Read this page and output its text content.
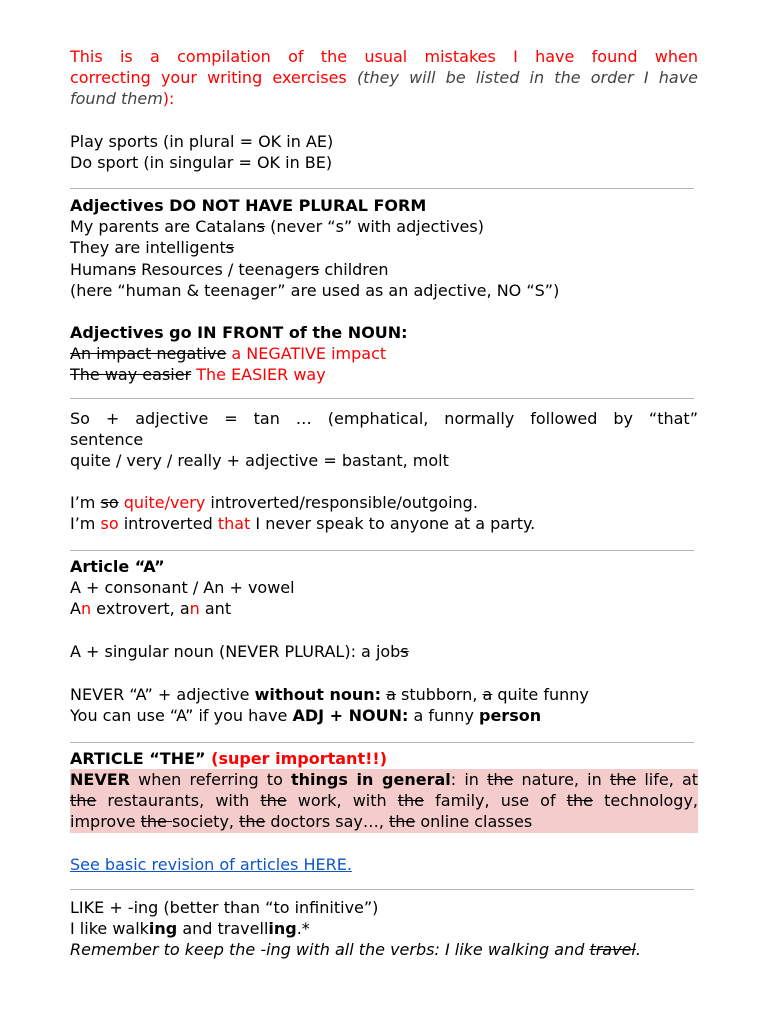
This is a compilation of the usual mistakes I have found when
correcting your writing exercises (they will be listed in the order I have
found them):
Play sports (in plural = OK in AE)
Do sport (in singular = OK in BE)
Adjectives DO NOT HAVE PLURAL FORM
My parents are Catalans (never “s” with adjectives)
They are intelligents
Humans Resources / teenagers children
(here “human & teenager” are used as an adjective, NO “S”)
Adjectives go IN FRONT of the NOUN:
An impact negative a NEGATIVE impact
The way easier The EASIER way
So + adjective = tan … (emphatical, normally followed by “that”
sentence
quite / very / really + adjective = bastant, molt
I’m so quite/very introverted/responsible/outgoing.
I’m so introverted that I never speak to anyone at a party.
Article “A”
A + consonant / An + vowel
An extrovert, an ant
A + singular noun (NEVER PLURAL): a jobs
NEVER “A” + adjective without noun: a stubborn, a quite funny
You can use “A” if you have ADJ + NOUN: a funny person
ARTICLE “THE” (super important!!)
NEVER when referring to things in general: in the nature, in the life, at
the restaurants, with the work, with the family, use of the technology,
improve the society, the doctors say…, the online classes
See basic revision of articles HERE.
LIKE + -ing (better than “to infinitive”)
I like walking and travelling.*
Remember to keep the -ing with all the verbs: I like walking and travel.
